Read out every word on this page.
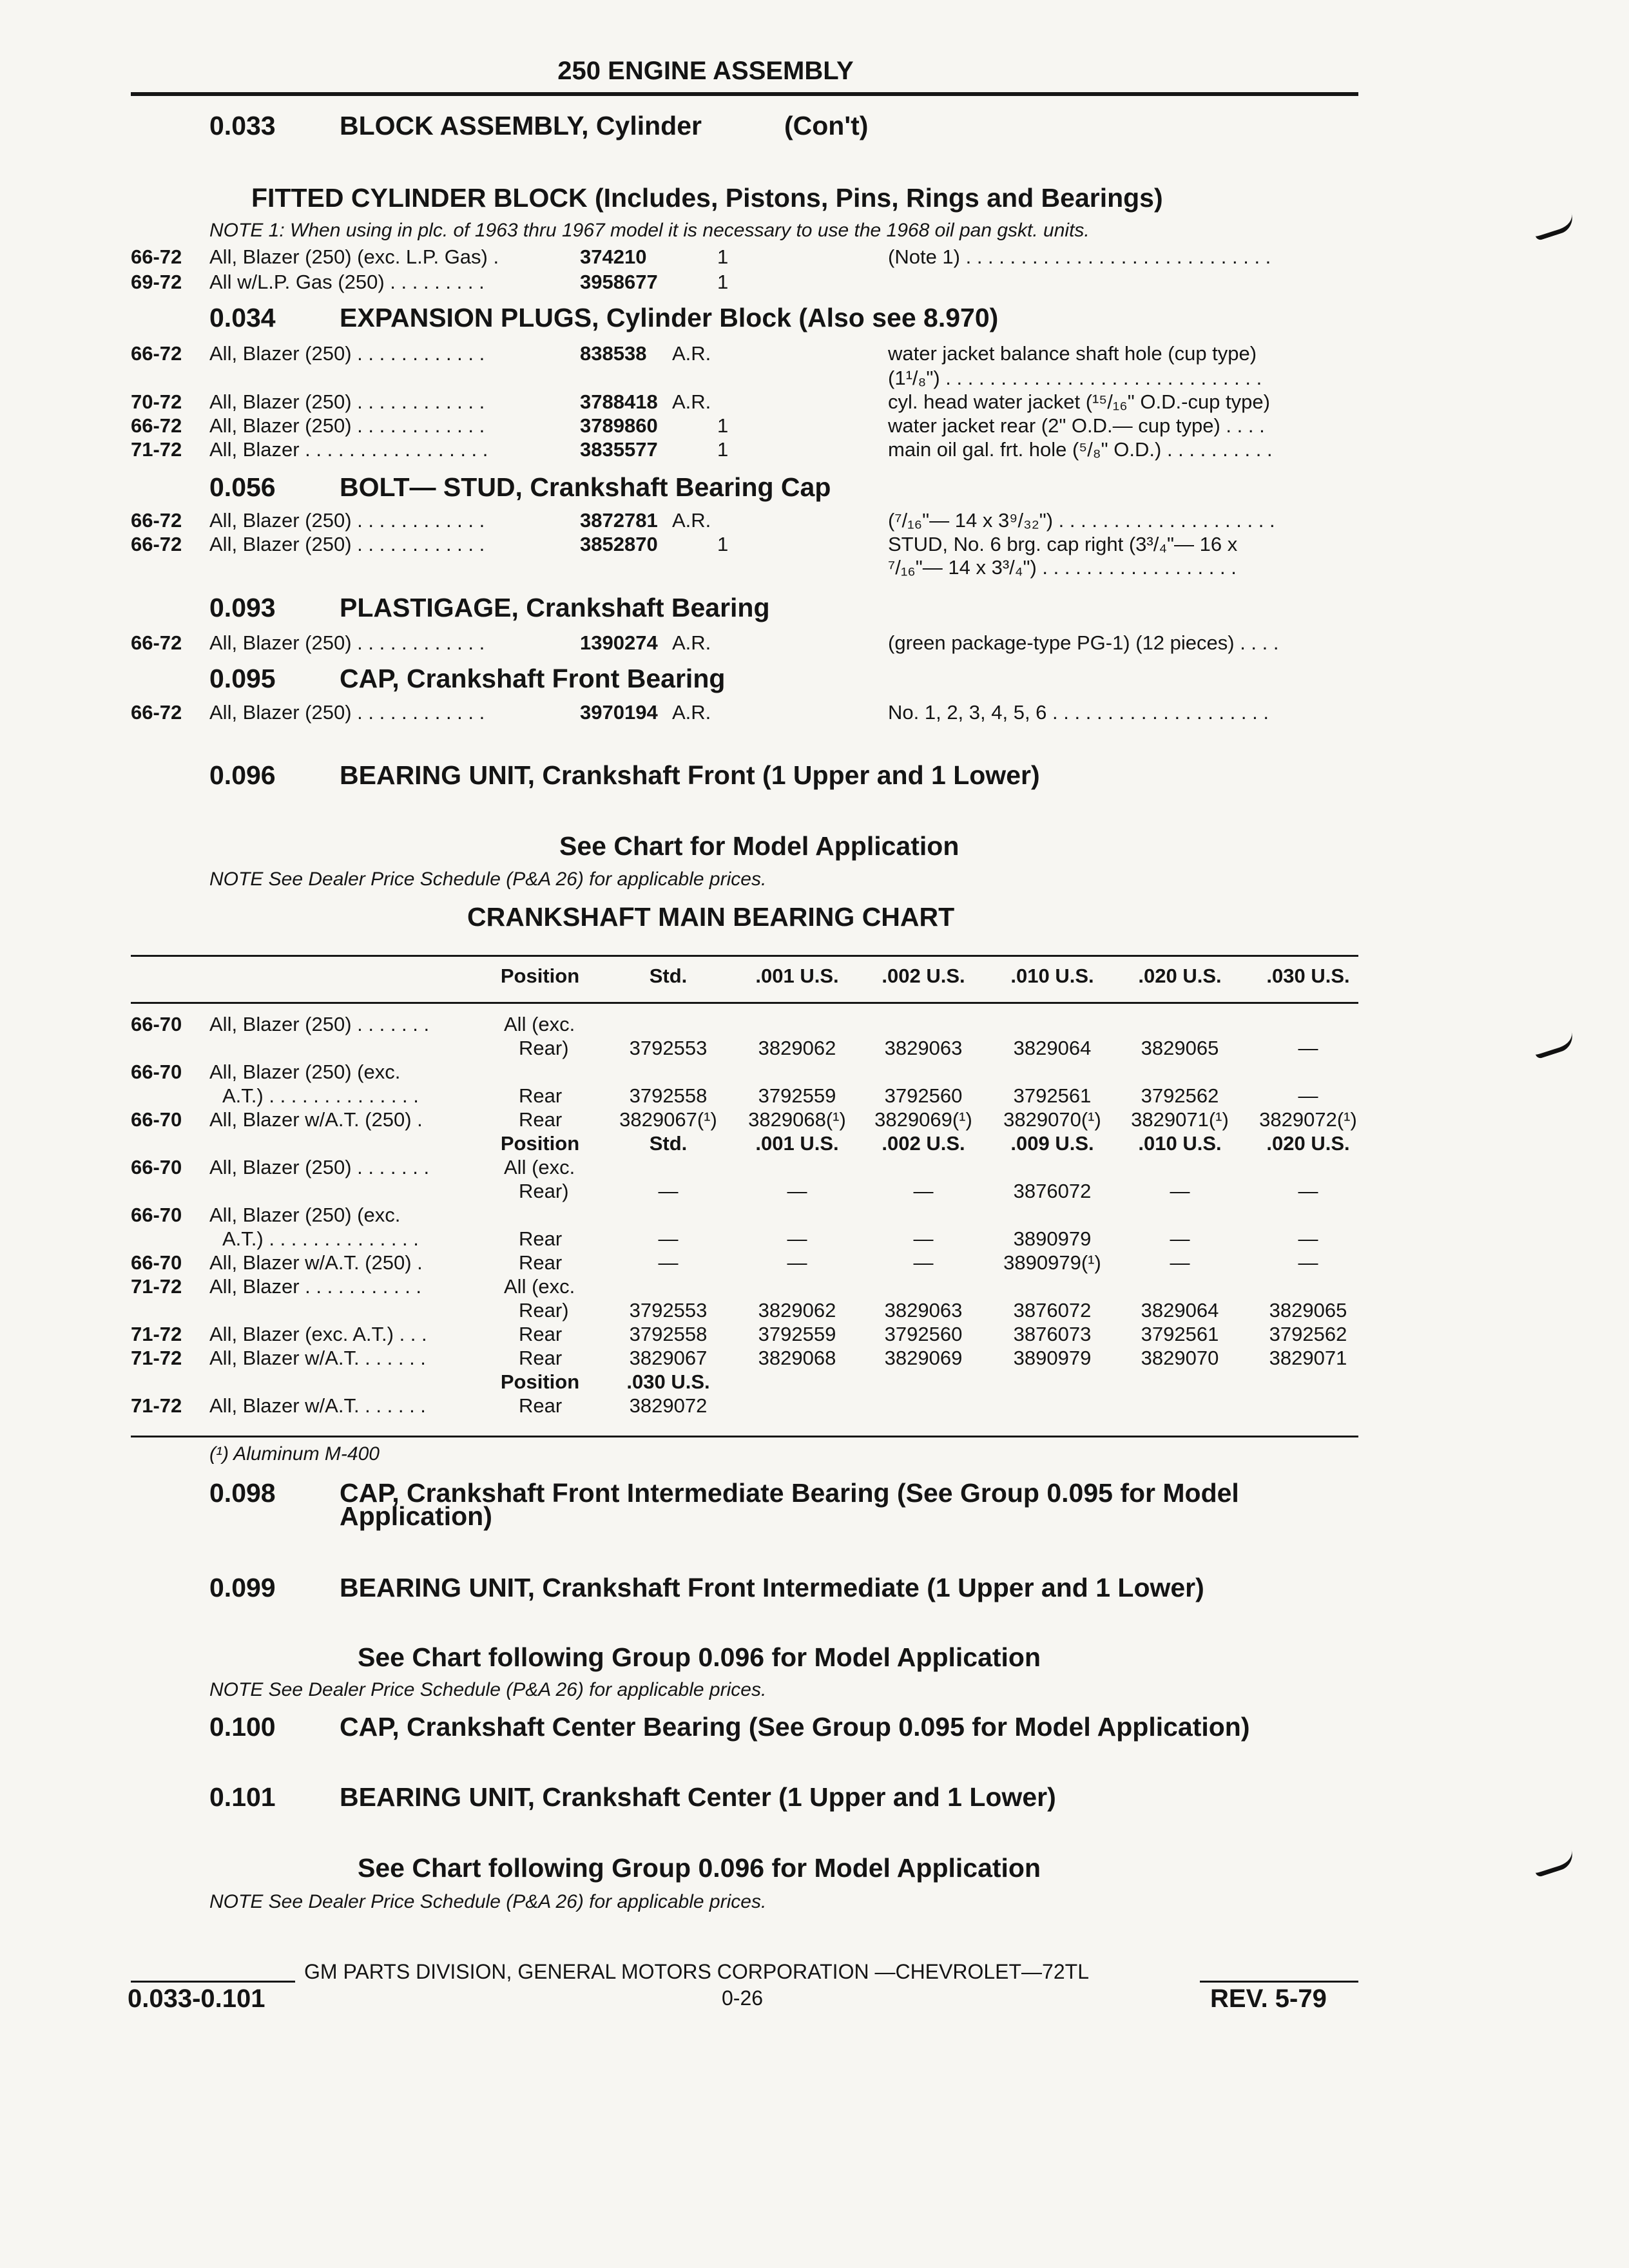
250 ENGINE ASSEMBLY
0.033 BLOCK ASSEMBLY, Cylinder	(Con't)
FITTED CYLINDER BLOCK (Includes, Pistons, Pins, Rings and Bearings)
NOTE 1: When using in plc. of 1963 thru 1967 model it is necessary to use the 1968 oil pan gskt. units.
66-72 All, Blazer (250) (exc. L.P. Gas) .	374210	1	(Note 1) . . . . . . . . . . . . . . . . . . . . . . . . . . . .
69-72 All w/L.P. Gas (250) . . . . . . . . .	3958677	1
0.034 EXPANSION PLUGS, Cylinder Block (Also see 8.970)
66-72 All, Blazer (250) . . . . . . . . . . . .	838538 A.R.	water jacket balance shaft hole (cup type)
(1¹/₈") . . . . . . . . . . . . . . . . . . . . . . . . . . . . .
70-72 All, Blazer (250) . . . . . . . . . . . .	3788418 A.R.	cyl. head water jacket (¹⁵/₁₆" O.D.-cup type)
66-72 All, Blazer (250) . . . . . . . . . . . .	3789860	1	water jacket rear (2" O.D.— cup type) . . . .
71-72 All, Blazer . . . . . . . . . . . . . . . . .	3835577	1	main oil gal. frt. hole (⁵/₈" O.D.) . . . . . . . . . .
0.056 BOLT— STUD, Crankshaft Bearing Cap
66-72 All, Blazer (250) . . . . . . . . . . . .	3872781 A.R.	(⁷/₁₆"— 14 x 3⁹/₃₂") . . . . . . . . . . . . . . . . . . . .
66-72 All, Blazer (250) . . . . . . . . . . . .	3852870	1	STUD, No. 6 brg. cap right (3³/₄"— 16 x
⁷/₁₆"— 14 x 3³/₄") . . . . . . . . . . . . . . . . . .
0.093 PLASTIGAGE, Crankshaft Bearing
66-72 All, Blazer (250) . . . . . . . . . . . .	1390274 A.R.	(green package-type PG-1) (12 pieces) . . . .
0.095 CAP, Crankshaft Front Bearing
66-72 All, Blazer (250) . . . . . . . . . . . .	3970194 A.R.	No. 1, 2, 3, 4, 5, 6 . . . . . . . . . . . . . . . . . . . .
0.096 BEARING UNIT, Crankshaft Front (1 Upper and 1 Lower)
See Chart for Model Application
NOTE See Dealer Price Schedule (P&A 26) for applicable prices.
CRANKSHAFT MAIN BEARING CHART
Position	Std.	.001 U.S. .002 U.S. .010 U.S. .020 U.S. .030 U.S.
66-70 All, Blazer (250) . . . . . . .	All (exc.
Rear)	3792553	3829062 3829063	3829064 3829065	—
66-70 All, Blazer (250) (exc.
A.T.) . . . . . . . . . . . . . .	Rear	3792558	3792559 3792560	3792561 3792562	—
66-70 All, Blazer w/A.T. (250) .	Rear	3829067(¹) 3829068(¹) 3829069(¹) 3829070(¹) 3829071(¹) 3829072(¹)
Position	Std.	.001 U.S. .002 U.S. .009 U.S. .010 U.S. .020 U.S.
66-70 All, Blazer (250) . . . . . . .	All (exc.
Rear)	—	—	—	3876072	—	—
66-70 All, Blazer (250) (exc.
A.T.) . . . . . . . . . . . . . .	Rear	—	—	—	3890979	—	—
66-70 All, Blazer w/A.T. (250) .	Rear	—	—	—	3890979(¹)	—	—
71-72 All, Blazer . . . . . . . . . . .	All (exc.
Rear)	3792553	3829062 3829063	3876072 3829064	3829065
71-72 All, Blazer (exc. A.T.) . . .	Rear	3792558	3792559 3792560	3876073 3792561	3792562
71-72 All, Blazer w/A.T. . . . . . .	Rear	3829067	3829068 3829069	3890979 3829070	3829071
Position .030 U.S.
71-72 All, Blazer w/A.T. . . . . . .	Rear	3829072
(¹) Aluminum M-400
0.098 CAP, Crankshaft Front Intermediate Bearing (See Group 0.095 for Model
Application)
0.099 BEARING UNIT, Crankshaft Front Intermediate (1 Upper and 1 Lower)
See Chart following Group 0.096 for Model Application
NOTE See Dealer Price Schedule (P&A 26) for applicable prices.
0.100 CAP, Crankshaft Center Bearing (See Group 0.095 for Model Application)
0.101 BEARING UNIT, Crankshaft Center (1 Upper and 1 Lower)
See Chart following Group 0.096 for Model Application
NOTE See Dealer Price Schedule (P&A 26) for applicable prices.
GM PARTS DIVISION, GENERAL MOTORS CORPORATION —CHEVROLET—72TL
0.033-0.101	0-26	REV. 5-79
